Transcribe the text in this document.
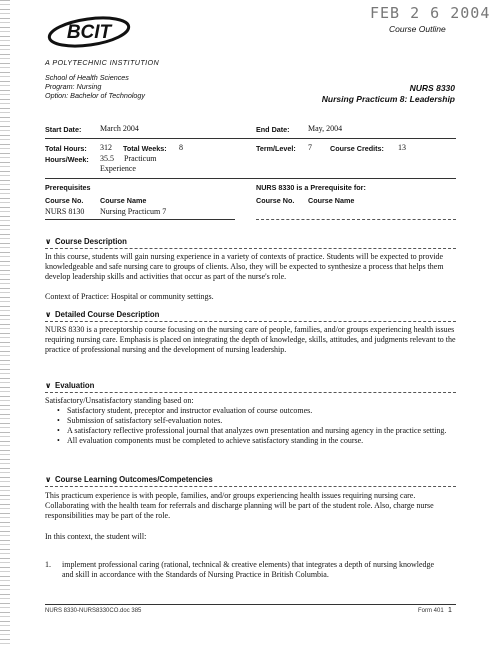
FEB 2 6 2004
Course Outline
BCIT
A POLYTECHNIC INSTITUTION
School of Health Sciences
Program: Nursing
Option: Bachelor of Technology
NURS 8330
Nursing Practicum 8: Leadership
Start Date: March 2004	End Date: May, 2004
Total Hours: 312 Total Weeks: 8	Term/Level: 7	Course Credits: 13
Hours/Week: 35.5 Practicum
Experience
Prerequisites
Course No. Course Name
NURS 8130 Nursing Practicum 7
NURS 8330 is a Prerequisite for:
Course No. Course Name
∨ Course Description
In this course, students will gain nursing experience in a variety of contexts of practice. Students will be expected to provide knowledgeable and safe nursing care to groups of clients. Also, they will be expected to synthesize a process that helps them develop leadership skills and activities that occur as part of the nurse's role.
Context of Practice: Hospital or community settings.
∨ Detailed Course Description
NURS 8330 is a preceptorship course focusing on the nursing care of people, families, and/or groups experiencing health issues requiring nursing care. Emphasis is placed on integrating the depth of knowledge, skills, attitudes, and judgments relevant to the practice of professional nursing and the development of nursing leadership.
∨ Evaluation
Satisfactory/Unsatisfactory standing based on:
• Satisfactory student, preceptor and instructor evaluation of course outcomes.
• Submission of satisfactory self-evaluation notes.
• A satisfactory reflective professional journal that analyzes own presentation and nursing agency in the practice setting.
• All evaluation components must be completed to achieve satisfactory standing in the course.
∨ Course Learning Outcomes/Competencies
This practicum experience is with people, families, and/or groups experiencing health issues requiring nursing care. Collaborating with the health team for referrals and discharge planning will be part of the student role. Also, charge nurse responsibilities may be part of the role.
In this context, the student will:
1. implement professional caring (rational, technical & creative elements) that integrates a depth of nursing knowledge and skill in accordance with the Standards of Nursing Practice in British Columbia.
NURS 8330-NURS8330CO.doc 385	Form 401 1
